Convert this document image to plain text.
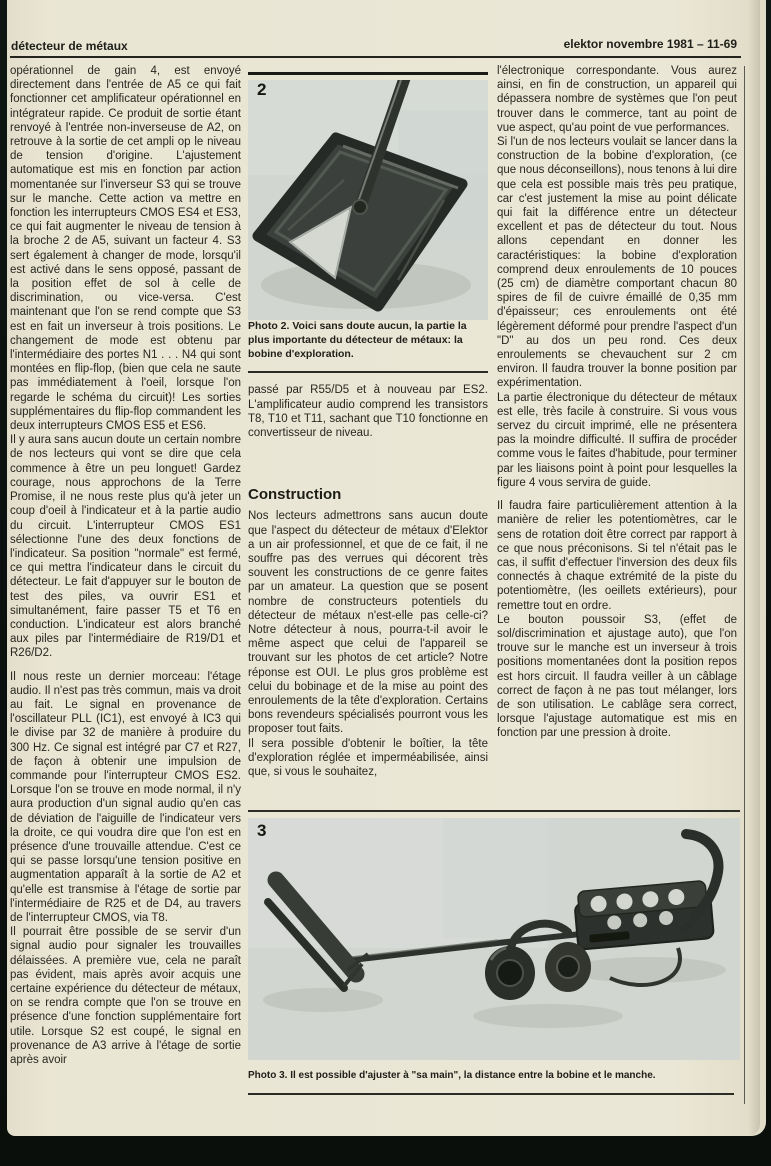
détecteur de métaux	elektor novembre 1981 – 11-69

opérationnel de gain 4, est envoyé directement dans l'entrée de A5 ce qui fait fonctionner cet amplificateur opérationnel en intégrateur rapide. Ce produit de sortie étant renvoyé à l'entrée non-inverseuse de A2, on retrouve à la sortie de cet ampli op le niveau de tension d'origine. L'ajustement automatique est mis en fonction par action momentanée sur l'inverseur S3 qui se trouve sur le manche. Cette action va mettre en fonction les interrupteurs CMOS ES4 et ES3, ce qui fait augmenter le niveau de tension à la broche 2 de A5, suivant un facteur 4. S3 sert également à changer de mode, lorsqu'il est activé dans le sens opposé, passant de la position effet de sol à celle de discrimination, ou vice-versa. C'est maintenant que l'on se rend compte que S3 est en fait un inverseur à trois positions. Le changement de mode est obtenu par l'intermédiaire des portes N1 . . . N4 qui sont montées en flip-flop, (bien que cela ne saute pas immédiatement à l'oeil, lorsque l'on regarde le schéma du circuit)! Les sorties supplémentaires du flip-flop commandent les deux interrupteurs CMOS ES5 et ES6.

Il y aura sans aucun doute un certain nombre de nos lecteurs qui vont se dire que cela commence à être un peu longuet! Gardez courage, nous approchons de la Terre Promise, il ne nous reste plus qu'à jeter un coup d'oeil à l'indicateur et à la partie audio du circuit. L'interrupteur CMOS ES1 sélectionne l'une des deux fonctions de l'indicateur. Sa position "normale" est fermé, ce qui mettra l'indicateur dans le circuit du détecteur. Le fait d'appuyer sur le bouton de test des piles, va ouvrir ES1 et simultanément, faire passer T5 et T6 en conduction. L'indicateur est alors branché aux piles par l'intermédiaire de R19/D1 et R26/D2.

Il nous reste un dernier morceau: l'étage audio. Il n'est pas très commun, mais va droit au fait. Le signal en provenance de l'oscillateur PLL (IC1), est envoyé à IC3 qui le divise par 32 de manière à produire du 300 Hz. Ce signal est intégré par C7 et R27, de façon à obtenir une impulsion de commande pour l'interrupteur CMOS ES2. Lorsque l'on se trouve en mode normal, il n'y aura production d'un signal audio qu'en cas de déviation de l'aiguille de l'indicateur vers la droite, ce qui voudra dire que l'on est en présence d'une trouvaille attendue. C'est ce qui se passe lorsqu'une tension positive en augmentation apparaît à la sortie de A2 et qu'elle est transmise à l'étage de sortie par l'intermédiaire de R25 et de D4, au travers de l'interrupteur CMOS, via T8.

Il pourrait être possible de se servir d'un signal audio pour signaler les trouvailles délaissées. A première vue, cela ne paraît pas évident, mais après avoir acquis une certaine expérience du détecteur de métaux, on se rendra compte que l'on se trouve en présence d'une fonction supplémentaire fort utile. Lorsque S2 est coupé, le signal en provenance de A3 arrive à l'étage de sortie après avoir

2

Photo 2. Voici sans doute aucun, la partie la plus importante du détecteur de métaux: la bobine d'exploration.

passé par R55/D5 et à nouveau par ES2. L'amplificateur audio comprend les transistors T8, T10 et T11, sachant que T10 fonctionne en convertisseur de niveau.

Construction

Nos lecteurs admettrons sans aucun doute que l'aspect du détecteur de métaux d'Elektor a un air professionnel, et que de ce fait, il ne souffre pas des verrues qui décorent très souvent les constructions de ce genre faites par un amateur. La question que se posent nombre de constructeurs potentiels du détecteur de métaux n'est-elle pas celle-ci? Notre détecteur à nous, pourra-t-il avoir le même aspect que celui de l'appareil se trouvant sur les photos de cet article? Notre réponse est OUI. Le plus gros problème est celui du bobinage et de la mise au point des enroulements de la tête d'exploration. Certains bons revendeurs spécialisés pourront vous les proposer tout faits.

Il sera possible d'obtenir le boîtier, la tête d'exploration réglée et imperméabilisée, ainsi que, si vous le souhaitez,

l'électronique correspondante. Vous aurez ainsi, en fin de construction, un appareil qui dépassera nombre de systèmes que l'on peut trouver dans le commerce, tant au point de vue aspect, qu'au point de vue performances.

Si l'un de nos lecteurs voulait se lancer dans la construction de la bobine d'exploration, (ce que nous déconseillons), nous tenons à lui dire que cela est possible mais très peu pratique, car c'est justement la mise au point délicate qui fait la différence entre un détecteur excellent et pas de détecteur du tout. Nous allons cependant en donner les caractéristiques: la bobine d'exploration comprend deux enroulements de 10 pouces (25 cm) de diamètre comportant chacun 80 spires de fil de cuivre émaillé de 0,35 mm d'épaisseur; ces enroulements ont été légèrement déformé pour prendre l'aspect d'un "D" au dos un peu rond. Ces deux enroulements se chevauchent sur 2 cm environ. Il faudra trouver la bonne position par expérimentation.

La partie électronique du détecteur de métaux est elle, très facile à construire. Si vous vous servez du circuit imprimé, elle ne présentera pas la moindre difficulté. Il suffira de procéder comme vous le faites d'habitude, pour terminer par les liaisons point à point pour lesquelles la figure 4 vous servira de guide.

Il faudra faire particulièrement attention à la manière de relier les potentiomètres, car le sens de rotation doit être correct par rapport à ce que nous préconisons. Si tel n'était pas le cas, il suffit d'effectuer l'inversion des deux fils connectés à chaque extrémité de la piste du potentiomètre, (les oeillets extérieurs), pour remettre tout en ordre.

Le bouton poussoir S3, (effet de sol/discrimination et ajustage auto), que l'on trouve sur le manche est un inverseur à trois positions momentanées dont la position repos est hors circuit. Il faudra veiller à un câblage correct de façon à ne pas tout mélanger, lors de son utilisation. Le cablâge sera correct, lorsque l'ajustage automatique est mis en fonction par une pression à droite.

3

Photo 3. Il est possible d'ajuster à "sa main", la distance entre la bobine et le manche.
